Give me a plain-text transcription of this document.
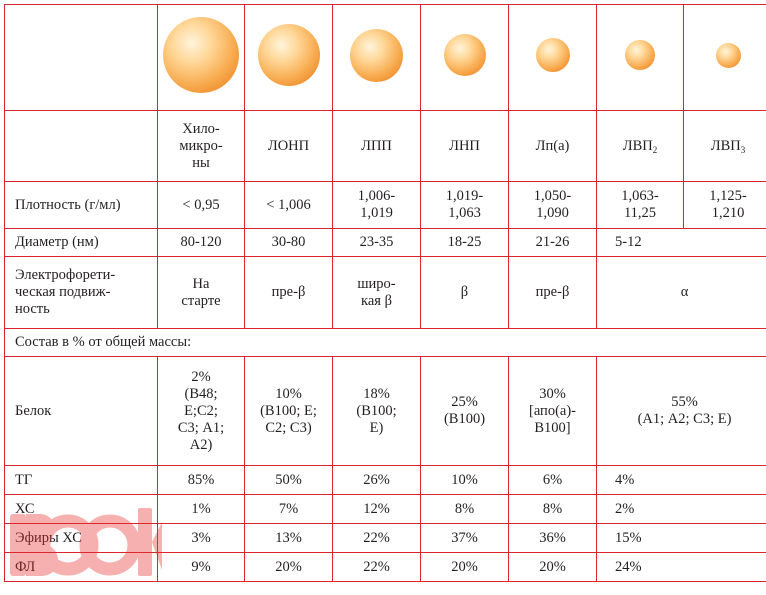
	Хило-
микро-
ны	ЛОНП	ЛПП	ЛНП	Лп(а)	$ЛВП_2$	$ЛВП_3$
Плотность (г/мл)	< 0,95	< 1,006	1,006-
1,019	1,019-
1,063	1,050-
1,090	1,063-
11,25	1,125-
1,210
Диаметр (нм)	80-120	30-80	23-35	18-25	21-26	5-12	
Электрофорети-
ческая подвиж-
ность	На
старте	пре-β	широ-
кая β	β	пре-β	α	
Состав в % от общей массы:							
Белок	2%
(В48;
Е;С2;
С3; А1;
А2)	10%
(В100; Е;
С2; С3)	18%
(В100;
Е)	25%
(В100)	30%
[апо(а)-
В100]	55%
(А1; А2; С3; Е)	
ТГ	85%	50%	26%	10%	6%	4%	
ХС	1%	7%	12%	8%	8%	2%	
Эфиры ХС	3%	13%	22%	37%	36%	15%	
ФЛ	9%	20%	22%	20%	20%	24%	
